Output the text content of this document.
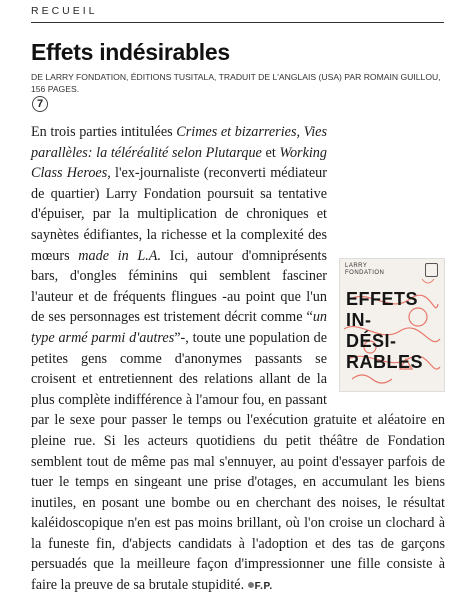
RECUEIL
Effets indésirables
DE LARRY FONDATION, ÉDITIONS TUSITALA, TRADUIT DE L'ANGLAIS (USA) PAR ROMAIN GUILLOU, 156 PAGES.
7
LARRY
FONDATION
EFFETS
IN-
DÉSI-
RABLES

En trois parties intitulées Crimes et bizarreries, Vies parallèles: la téléréalité selon Plutarque et Working Class Heroes, l'ex-journaliste (reconverti médiateur de quartier) Larry Fondation poursuit sa tentative d'épuiser, par la multiplication de chroniques et saynètes édifiantes, la richesse et la complexité des mœurs made in L.A. Ici, autour d'omniprésents bars, d'ongles féminins qui semblent fasciner l'auteur et de fréquents flingues -au point que l'un de ses personnages est tristement décrit comme “un type armé parmi d'autres”-, toute une population de petites gens comme d'anonymes passants se croisent et entretiennent des relations allant de la plus complète indifférence à l'amour fou, en passant par le sexe pour passer le temps ou l'exécution gratuite et aléatoire en pleine rue. Si les acteurs quotidiens du petit théâtre de Fondation semblent tout de même pas mal s'ennuyer, au point d'essayer parfois de tuer le temps en singeant une prise d'otages, en accumulant les biens inutiles, en posant une bombe ou en cherchant des noises, le résultat kaléidoscopique n'en est pas moins brillant, où l'on croise un clochard à la funeste fin, d'abjects candidats à l'adoption et des tas de garçons persuadés que la meilleure façon d'impressionner une fille consiste à faire la preuve de sa brutale stupidité. F.P.
